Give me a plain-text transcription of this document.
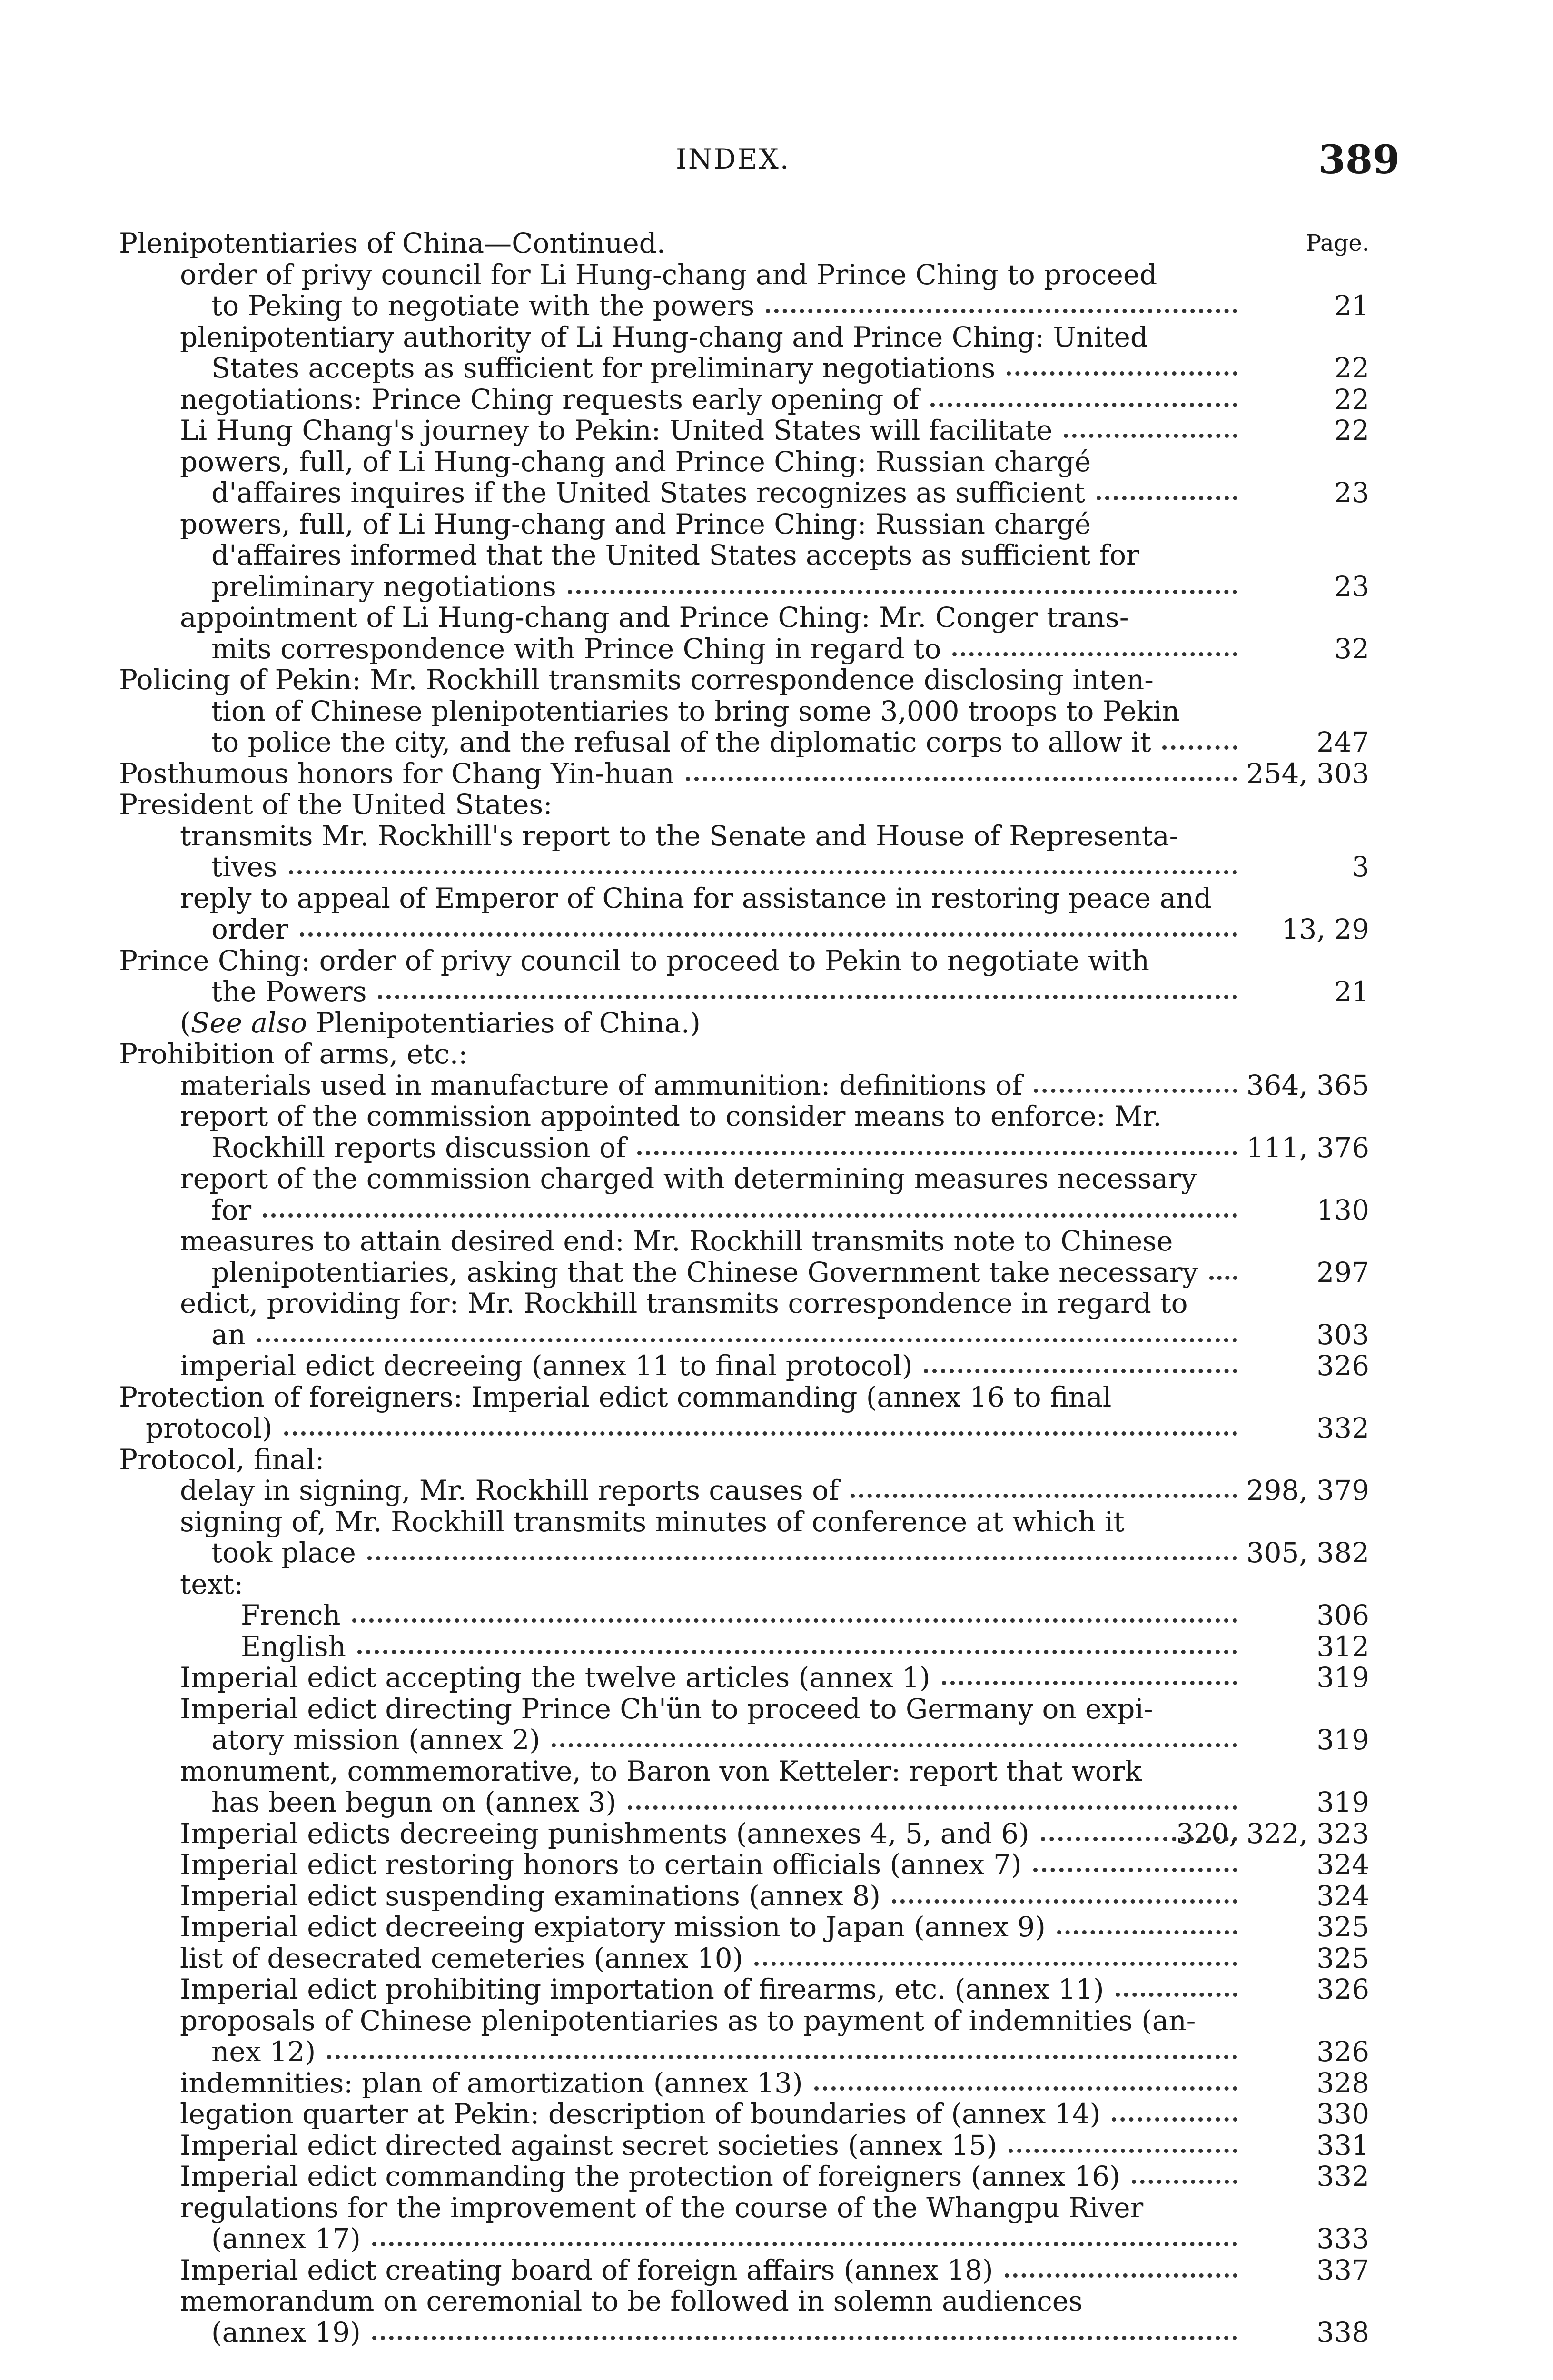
INDEX.	389
Plenipotentiaries of China—Continued.	Page.
order of privy council for Li Hung-chang and Prince Ching to proceed
to Peking to negotiate with the powers	21
plenipotentiary authority of Li Hung-chang and Prince Ching: United
States accepts as sufficient for preliminary negotiations	22
negotiations: Prince Ching requests early opening of	22
Li Hung Chang's journey to Pekin: United States will facilitate	22
powers, full, of Li Hung-chang and Prince Ching: Russian chargé
d'affaires inquires if the United States recognizes as sufficient	23
powers, full, of Li Hung-chang and Prince Ching: Russian chargé
d'affaires informed that the United States accepts as sufficient for
preliminary negotiations	23
appointment of Li Hung-chang and Prince Ching: Mr. Conger trans-
mits correspondence with Prince Ching in regard to	32
Policing of Pekin: Mr. Rockhill transmits correspondence disclosing inten-
tion of Chinese plenipotentiaries to bring some 3,000 troops to Pekin
to police the city, and the refusal of the diplomatic corps to allow it	247
Posthumous honors for Chang Yin-huan	254, 303
President of the United States:
transmits Mr. Rockhill's report to the Senate and House of Representa-
tives	3
reply to appeal of Emperor of China for assistance in restoring peace and
order	13, 29
Prince Ching: order of privy council to proceed to Pekin to negotiate with
the Powers	21
(See also Plenipotentiaries of China.)
Prohibition of arms, etc.:
materials used in manufacture of ammunition: definitions of	364, 365
report of the commission appointed to consider means to enforce: Mr.
Rockhill reports discussion of	111, 376
report of the commission charged with determining measures necessary
for	130
measures to attain desired end: Mr. Rockhill transmits note to Chinese
plenipotentiaries, asking that the Chinese Government take necessary	297
edict, providing for: Mr. Rockhill transmits correspondence in regard to
an	303
imperial edict decreeing (annex 11 to final protocol)	326
Protection of foreigners: Imperial edict commanding (annex 16 to final
protocol)	332
Protocol, final:
delay in signing, Mr. Rockhill reports causes of	298, 379
signing of, Mr. Rockhill transmits minutes of conference at which it
took place	305, 382
text:
French	306
English	312
Imperial edict accepting the twelve articles (annex 1)	319
Imperial edict directing Prince Ch'ün to proceed to Germany on expi-
atory mission (annex 2)	319
monument, commemorative, to Baron von Ketteler: report that work
has been begun on (annex 3)	319
Imperial edicts decreeing punishments (annexes 4, 5, and 6)	320, 322, 323
Imperial edict restoring honors to certain officials (annex 7)	324
Imperial edict suspending examinations (annex 8)	324
Imperial edict decreeing expiatory mission to Japan (annex 9)	325
list of desecrated cemeteries (annex 10)	325
Imperial edict prohibiting importation of firearms, etc. (annex 11)	326
proposals of Chinese plenipotentiaries as to payment of indemnities (an-
nex 12)	326
indemnities: plan of amortization (annex 13)	328
legation quarter at Pekin: description of boundaries of (annex 14)	330
Imperial edict directed against secret societies (annex 15)	331
Imperial edict commanding the protection of foreigners (annex 16)	332
regulations for the improvement of the course of the Whangpu River
(annex 17)	333
Imperial edict creating board of foreign affairs (annex 18)	337
memorandum on ceremonial to be followed in solemn audiences
(annex 19)	338
